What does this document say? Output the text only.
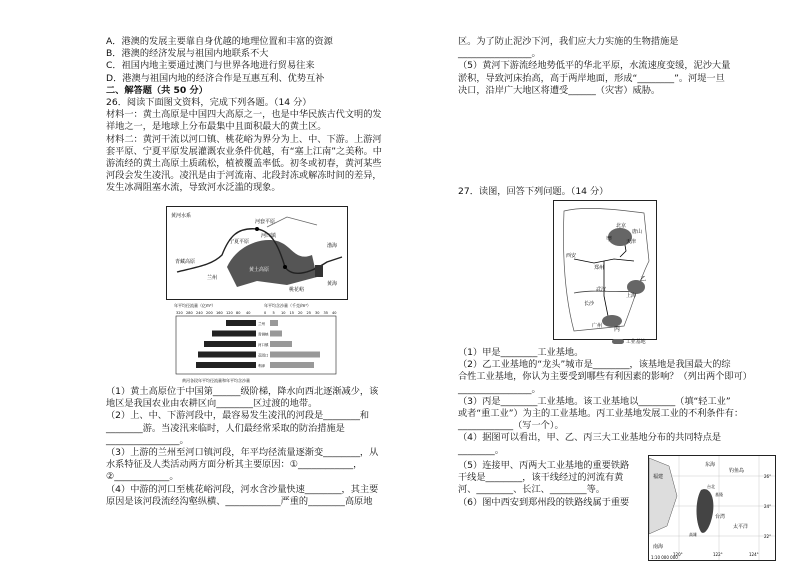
A．港澳的发展主要靠自身优越的地理位置和丰富的资源
B．港澳的经济发展与祖国内地联系不大
C．祖国内地主要通过澳门与世界各地进行贸易往来
D．港澳与祖国内地的经济合作是互惠互利、优势互补
二、解答题（共 50 分）
26．阅读下面图文资料，完成下列各题。（14 分）
材料一：黄土高原是中国四大高原之一，也是中华民族古代文明的发
祥地之一，是地球上分布最集中且面积最大的黄土区。
材料二：黄河干流以河口镇、桃花峪为界分为上、中、下游。上游河
套平原、宁夏平原发展灌溉农业条件优越，有“塞上江南”之美称。中
游流经的黄土高原土质疏松，植被覆盖率低。初冬或初春，黄河某些
河段会发生凌汛。凌汛是由于河流南、北段封冻或解冻时间的差异，
发生冰凋阻塞水流，导致河水泛滥的现象。
黄河水系
青藏高原
兰州
宁夏平原
河套平原
河口镇
桃花峪
黄土高原
渤海
黄海
年平均径流量（亿m³）	年平均含沙量（千克/m³）
320 280 240 200 160 120 80 40	0 5 10 15 20 25 30 35 40
兰州
青铜峡
河口镇
花园口
利津
黄河各段年平均径流量和年平均含沙量
（1）黄土高原位于中国第______级阶梯，降水向西北逐渐减少，该
地区是我国农业由农耕区向________区过渡的地带。
（2）上、中、下游河段中，最容易发生凌汛的河段是________和
________游。当凌汛来临时，人们最经常采取的防治措施是
________________。
（3）上游的兰州至河口镇河段，年平均径流量逐渐变________，从
水系特征及人类活动两方面分析其主要原因：①____________，
②____________。
（4）中游的河口至桃花峪河段，河水含沙量快速________，其主要
原因是该河段流经沟壑纵横、____________严重的________高原地
区。为了防止泥沙下河，我们应大力实施的生物措施是
________________。
（5）黄河下游流经地势低平的华北平原，水流速度变缓，泥沙大量
淤积，导致河床抬高，高于两岸地面，形成“________”。河堤一旦
决口，沿岸广大地区将遭受______（灾害）威胁。
27．读图，回答下列问题。（14 分）
北京
天津
唐山
甲
西安
郑州
武汉
乙
丙
广州
长沙
上海
工业基地
（1）甲是________工业基地。
（2）乙工业基地的“龙头”城市是________，该基地是我国最大的综
合性工业基地，你认为主要受到哪些有利因素的影响？（列出两个即可）
________________。
（3）丙是________工业基地。该工业基地以________（填“轻工业”
或者“重工业”）为主的工业基地。丙工业基地发展工业的不利条件有：
____________（写一个）。
（4）据图可以看出，甲、乙、丙三大工业基地分布的共同特点是
________。
（5）连接甲、丙两大工业基地的重要铁路
干线是________，该干线经过的河流有黄
河、________、长江、________等。
（6）图中西安到郑州段的铁路线属于重要
福建
台湾
钓鱼岛
东海
太平洋
南海
台北
基隆
高雄
26°
24°
22°
120°	122°	124°
1:10 000 000
